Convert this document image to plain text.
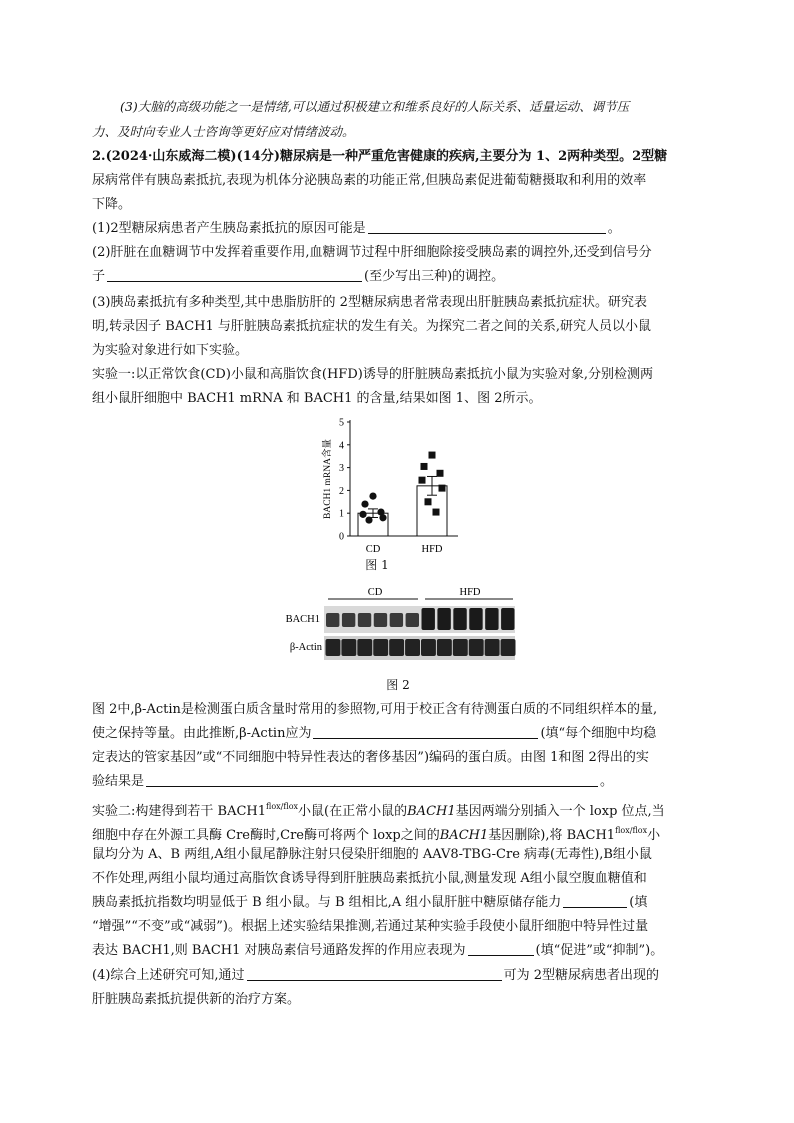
(3)大脑的高级功能之一是情绪,可以通过积极建立和维系良好的人际关系、适量运动、调节压

力、及时向专业人士咨询等更好应对情绪波动。

2.(2024·山东威海二模)(14分)糖尿病是一种严重危害健康的疾病,主要分为 1、2两种类型。2型糖

尿病常伴有胰岛素抵抗,表现为机体分泌胰岛素的功能正常,但胰岛素促进葡萄糖摄取和利用的效率

下降。

(1)2型糖尿病患者产生胰岛素抵抗的原因可能是	。

(2)肝脏在血糖调节中发挥着重要作用,血糖调节过程中肝细胞除接受胰岛素的调控外,还受到信号分

子	(至少写出三种)的调控。

(3)胰岛素抵抗有多种类型,其中患脂肪肝的 2型糖尿病患者常表现出肝脏胰岛素抵抗症状。研究表

明,转录因子 BACH1 与肝脏胰岛素抵抗症状的发生有关。为探究二者之间的关系,研究人员以小鼠

为实验对象进行如下实验。

实验一:以正常饮食(CD)小鼠和高脂饮食(HFD)诱导的肝脏胰岛素抵抗小鼠为实验对象,分别检测两

组小鼠肝细胞中 BACH1 mRNA 和 BACH1 的含量,结果如图 1、图 2所示。

0
1
2
3
4
5
BACH1 mRNA含量
CD	HFD
图 1
CD	HFD
BACH1
β-Actin
图 2

图 2中,β-Actin是检测蛋白质含量时常用的参照物,可用于校正含有待测蛋白质的不同组织样本的量,

使之保持等量。由此推断,β-Actin应为	(填“每个细胞中均稳

定表达的管家基因”或“不同细胞中特异性表达的奢侈基因”)编码的蛋白质。由图 1和图 2得出的实

验结果是	。

实验二:构建得到若干 $BACH1^{flox/flox}$小鼠(在正常小鼠的BACH1基因两端分别插入一个 loxp 位点,当

细胞中存在外源工具酶 Cre酶时,Cre酶可将两个 loxp之间的BACH1基因删除),将 $BACH1^{flox/flox}$小

鼠均分为 A、B 两组,A组小鼠尾静脉注射只侵染肝细胞的 AAV8-TBG-Cre 病毒(无毒性),B组小鼠

不作处理,两组小鼠均通过高脂饮食诱导得到肝脏胰岛素抵抗小鼠,测量发现 A组小鼠空腹血糖值和

胰岛素抵抗指数均明显低于 B 组小鼠。与 B 组相比,A 组小鼠肝脏中糖原储存能力	(填

“增强”“不变”或“减弱”)。根据上述实验结果推测,若通过某种实验手段使小鼠肝细胞中特异性过量

表达 BACH1,则 BACH1 对胰岛素信号通路发挥的作用应表现为	(填“促进”或“抑制”)。

(4)综合上述研究可知,通过	可为 2型糖尿病患者出现的

肝脏胰岛素抵抗提供新的治疗方案。
